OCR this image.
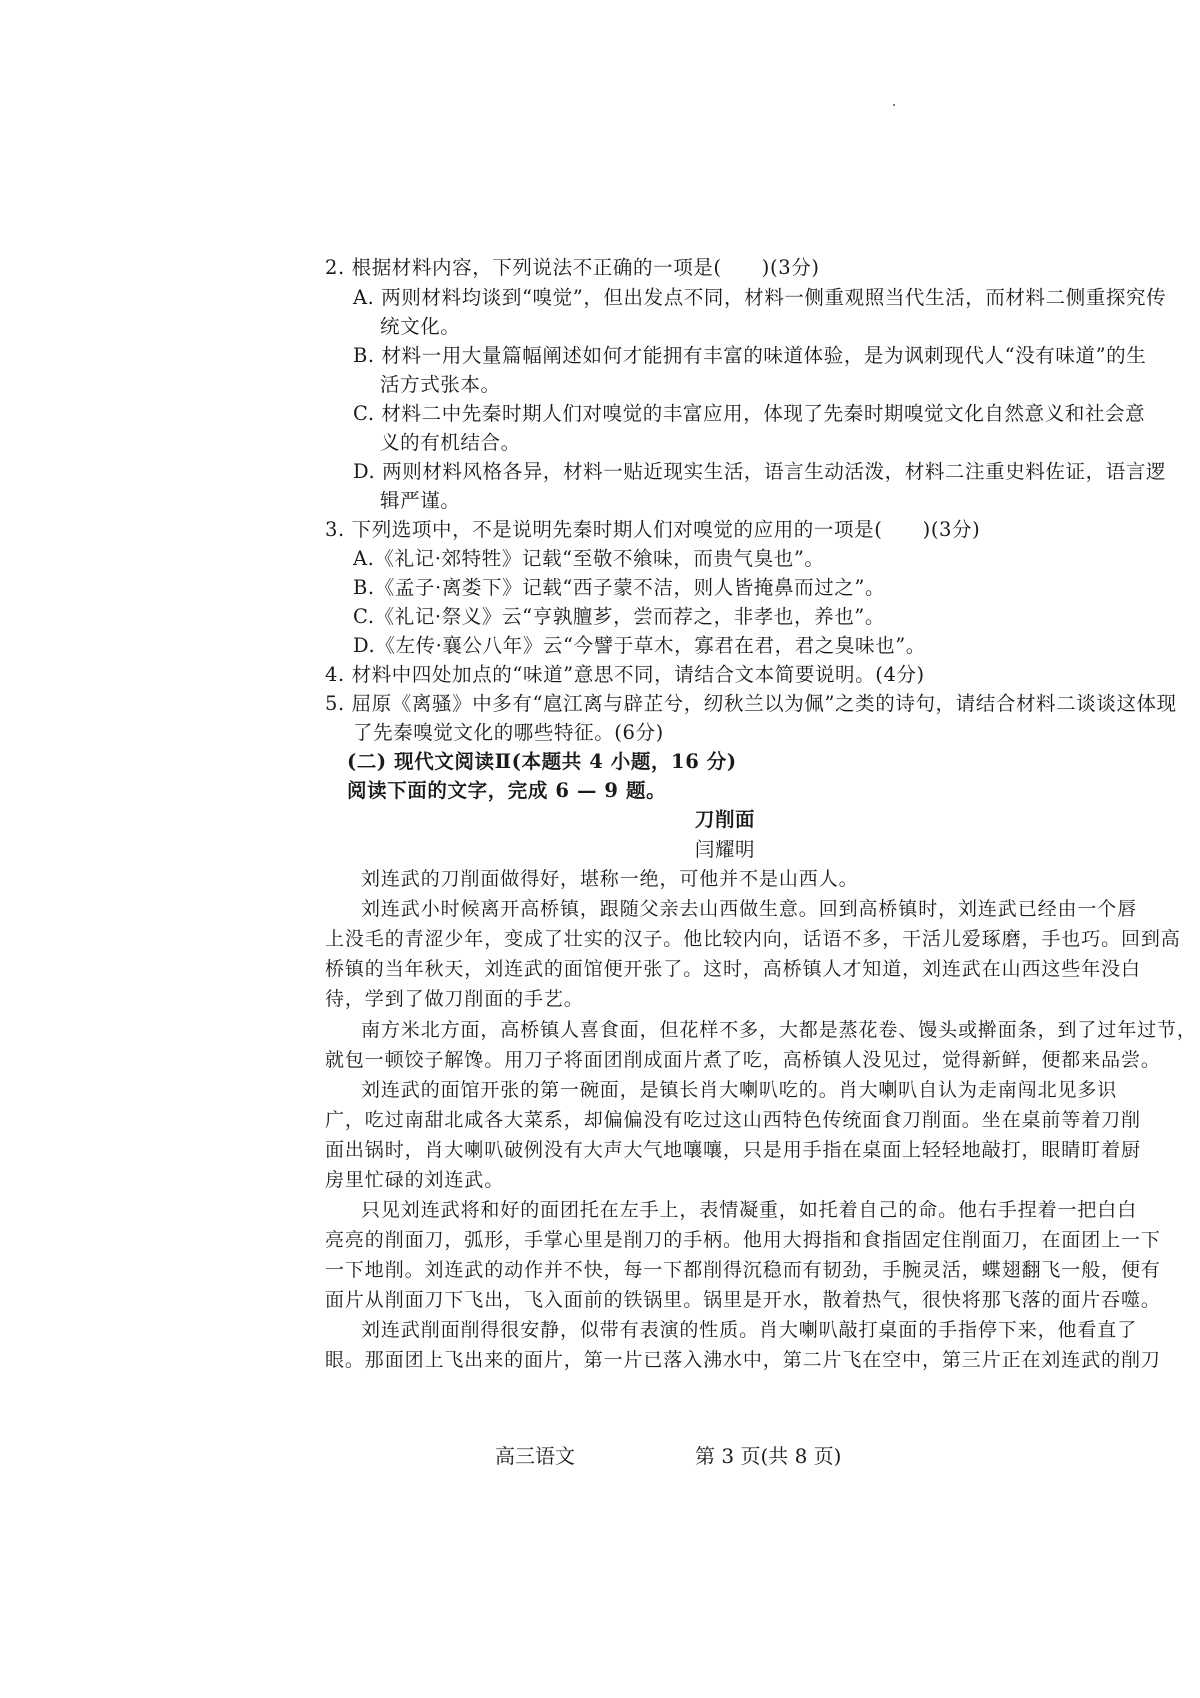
2. 根据材料内容，下列说法不正确的一项是(　　)(3分)
A. 两则材料均谈到“嗅觉”，但出发点不同，材料一侧重观照当代生活，而材料二侧重探究传
统文化。
B. 材料一用大量篇幅阐述如何才能拥有丰富的味道体验，是为讽刺现代人“没有味道”的生
活方式张本。
C. 材料二中先秦时期人们对嗅觉的丰富应用，体现了先秦时期嗅觉文化自然意义和社会意
义的有机结合。
D. 两则材料风格各异，材料一贴近现实生活，语言生动活泼，材料二注重史料佐证，语言逻
辑严谨。
3. 下列选项中，不是说明先秦时期人们对嗅觉的应用的一项是(　　)(3分)
A.《礼记·郊特牲》记载“至敬不飨味，而贵气臭也”。
B.《孟子·离娄下》记载“西子蒙不洁，则人皆掩鼻而过之”。
C.《礼记·祭义》云“亨孰膻芗，尝而荐之，非孝也，养也”。
D.《左传·襄公八年》云“今譬于草木，寡君在君，君之臭味也”。
4. 材料中四处加点的“味道”意思不同，请结合文本简要说明。(4分)
5. 屈原《离骚》中多有“扈江离与辟芷兮，纫秋兰以为佩”之类的诗句，请结合材料二谈谈这体现
了先秦嗅觉文化的哪些特征。(6分)
(二) 现代文阅读Ⅱ(本题共 4 小题，16 分)
阅读下面的文字，完成 6 — 9 题。
刀削面
闫耀明
刘连武的刀削面做得好，堪称一绝，可他并不是山西人。
刘连武小时候离开高桥镇，跟随父亲去山西做生意。回到高桥镇时，刘连武已经由一个唇
上没毛的青涩少年，变成了壮实的汉子。他比较内向，话语不多，干活儿爱琢磨，手也巧。回到高
桥镇的当年秋天，刘连武的面馆便开张了。这时，高桥镇人才知道，刘连武在山西这些年没白
待，学到了做刀削面的手艺。
南方米北方面，高桥镇人喜食面，但花样不多，大都是蒸花卷、馒头或擀面条，到了过年过节，
就包一顿饺子解馋。用刀子将面团削成面片煮了吃，高桥镇人没见过，觉得新鲜，便都来品尝。
刘连武的面馆开张的第一碗面，是镇长肖大喇叭吃的。肖大喇叭自认为走南闯北见多识
广，吃过南甜北咸各大菜系，却偏偏没有吃过这山西特色传统面食刀削面。坐在桌前等着刀削
面出锅时，肖大喇叭破例没有大声大气地嚷嚷，只是用手指在桌面上轻轻地敲打，眼睛盯着厨
房里忙碌的刘连武。
只见刘连武将和好的面团托在左手上，表情凝重，如托着自己的命。他右手捏着一把白白
亮亮的削面刀，弧形，手掌心里是削刀的手柄。他用大拇指和食指固定住削面刀，在面团上一下
一下地削。刘连武的动作并不快，每一下都削得沉稳而有韧劲，手腕灵活，蝶翅翻飞一般，便有
面片从削面刀下飞出，飞入面前的铁锅里。锅里是开水，散着热气，很快将那飞落的面片吞噬。
刘连武削面削得很安静，似带有表演的性质。肖大喇叭敲打桌面的手指停下来，他看直了
眼。那面团上飞出来的面片，第一片已落入沸水中，第二片飞在空中，第三片正在刘连武的削刀
高三语文	第 3 页(共 8 页)
